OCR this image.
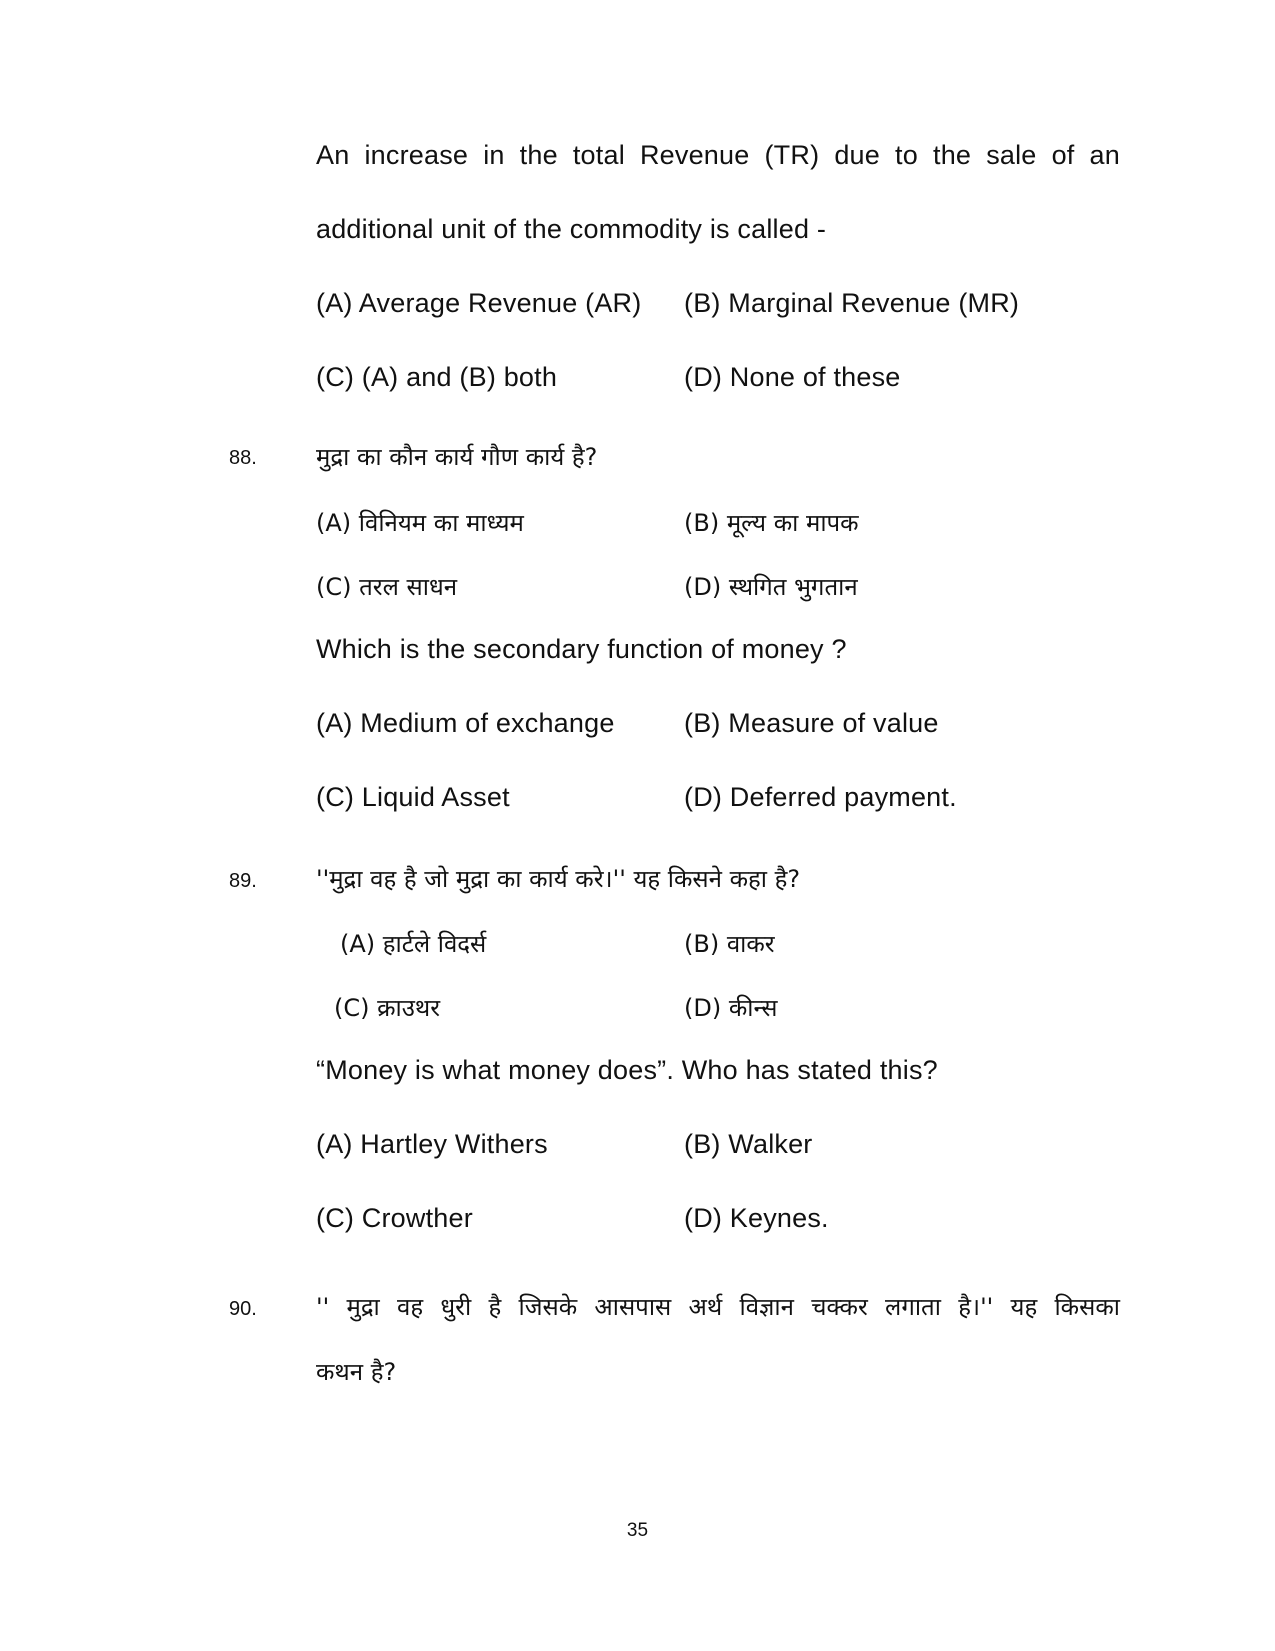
An increase in the total Revenue (TR) due to the sale of an
additional unit of the commodity is called -
(A) Average Revenue (AR) (B) Marginal Revenue (MR)
(C) (A) and (B) both	(D) None of these
88. मुद्रा का कौन कार्य गौण कार्य है?
(A) विनियम का माध्यम	(B) मूल्य का मापक
(C) तरल साधन	(D) स्थगित भुगतान
Which is the secondary function of money ?
(A) Medium of exchange	(B) Measure of value
(C) Liquid Asset	(D) Deferred payment.
89. ''मुद्रा वह है जो मुद्रा का कार्य करे।'' यह किसने कहा है?
(A) हार्टले विदर्स	(B) वाकर
(C) क्राउथर	(D) कीन्स
“Money is what money does”. Who has stated this?
(A) Hartley Withers	(B) Walker
(C) Crowther	(D) Keynes.
90. '' मुद्रा वह धुरी है जिसके आसपास अर्थ विज्ञान चक्कर लगाता है।'' यह किसका
कथन है?
35
